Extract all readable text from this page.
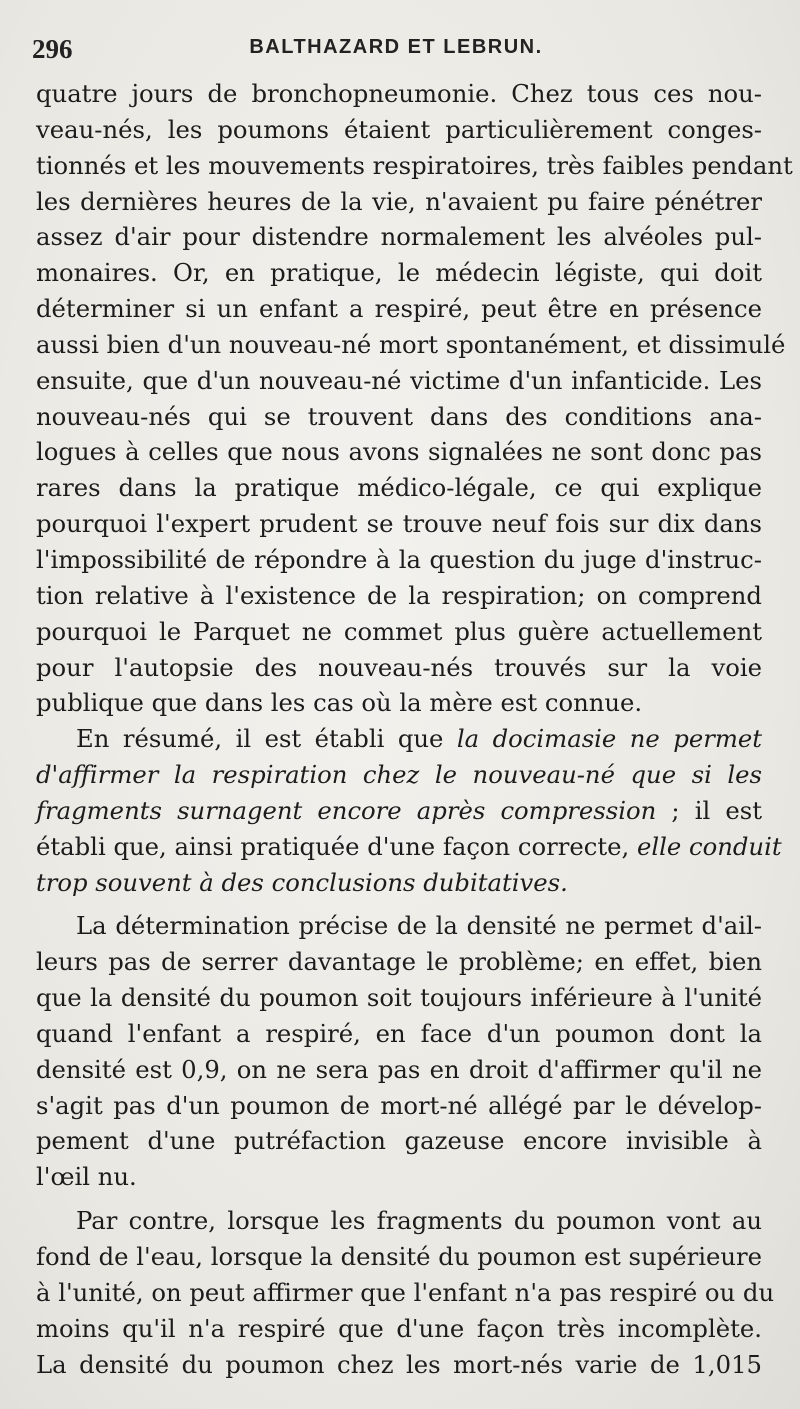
296	BALTHAZARD ET LEBRUN.
quatre jours de bronchopneumonie. Chez tous ces nou-
veau-nés, les poumons étaient particulièrement conges-
tionnés et les mouvements respiratoires, très faibles pendant
les dernières heures de la vie, n'avaient pu faire pénétrer
assez d'air pour distendre normalement les alvéoles pul-
monaires. Or, en pratique, le médecin légiste, qui doit
déterminer si un enfant a respiré, peut être en présence
aussi bien d'un nouveau-né mort spontanément, et dissimulé
ensuite, que d'un nouveau-né victime d'un infanticide. Les
nouveau-nés qui se trouvent dans des conditions ana-
logues à celles que nous avons signalées ne sont donc pas
rares dans la pratique médico-légale, ce qui explique
pourquoi l'expert prudent se trouve neuf fois sur dix dans
l'impossibilité de répondre à la question du juge d'instruc-
tion relative à l'existence de la respiration; on comprend
pourquoi le Parquet ne commet plus guère actuellement
pour l'autopsie des nouveau-nés trouvés sur la voie
publique que dans les cas où la mère est connue.
En résumé, il est établi que la docimasie ne permet
d'affirmer la respiration chez le nouveau-né que si les
fragments surnagent encore après compression ; il est
établi que, ainsi pratiquée d'une façon correcte, elle conduit
trop souvent à des conclusions dubitatives.
La détermination précise de la densité ne permet d'ail-
leurs pas de serrer davantage le problème; en effet, bien
que la densité du poumon soit toujours inférieure à l'unité
quand l'enfant a respiré, en face d'un poumon dont la
densité est 0,9, on ne sera pas en droit d'affirmer qu'il ne
s'agit pas d'un poumon de mort-né allégé par le dévelop-
pement d'une putréfaction gazeuse encore invisible à
l'œil nu.
Par contre, lorsque les fragments du poumon vont au
fond de l'eau, lorsque la densité du poumon est supérieure
à l'unité, on peut affirmer que l'enfant n'a pas respiré ou du
moins qu'il n'a respiré que d'une façon très incomplète.
La densité du poumon chez les mort-nés varie de 1,015
